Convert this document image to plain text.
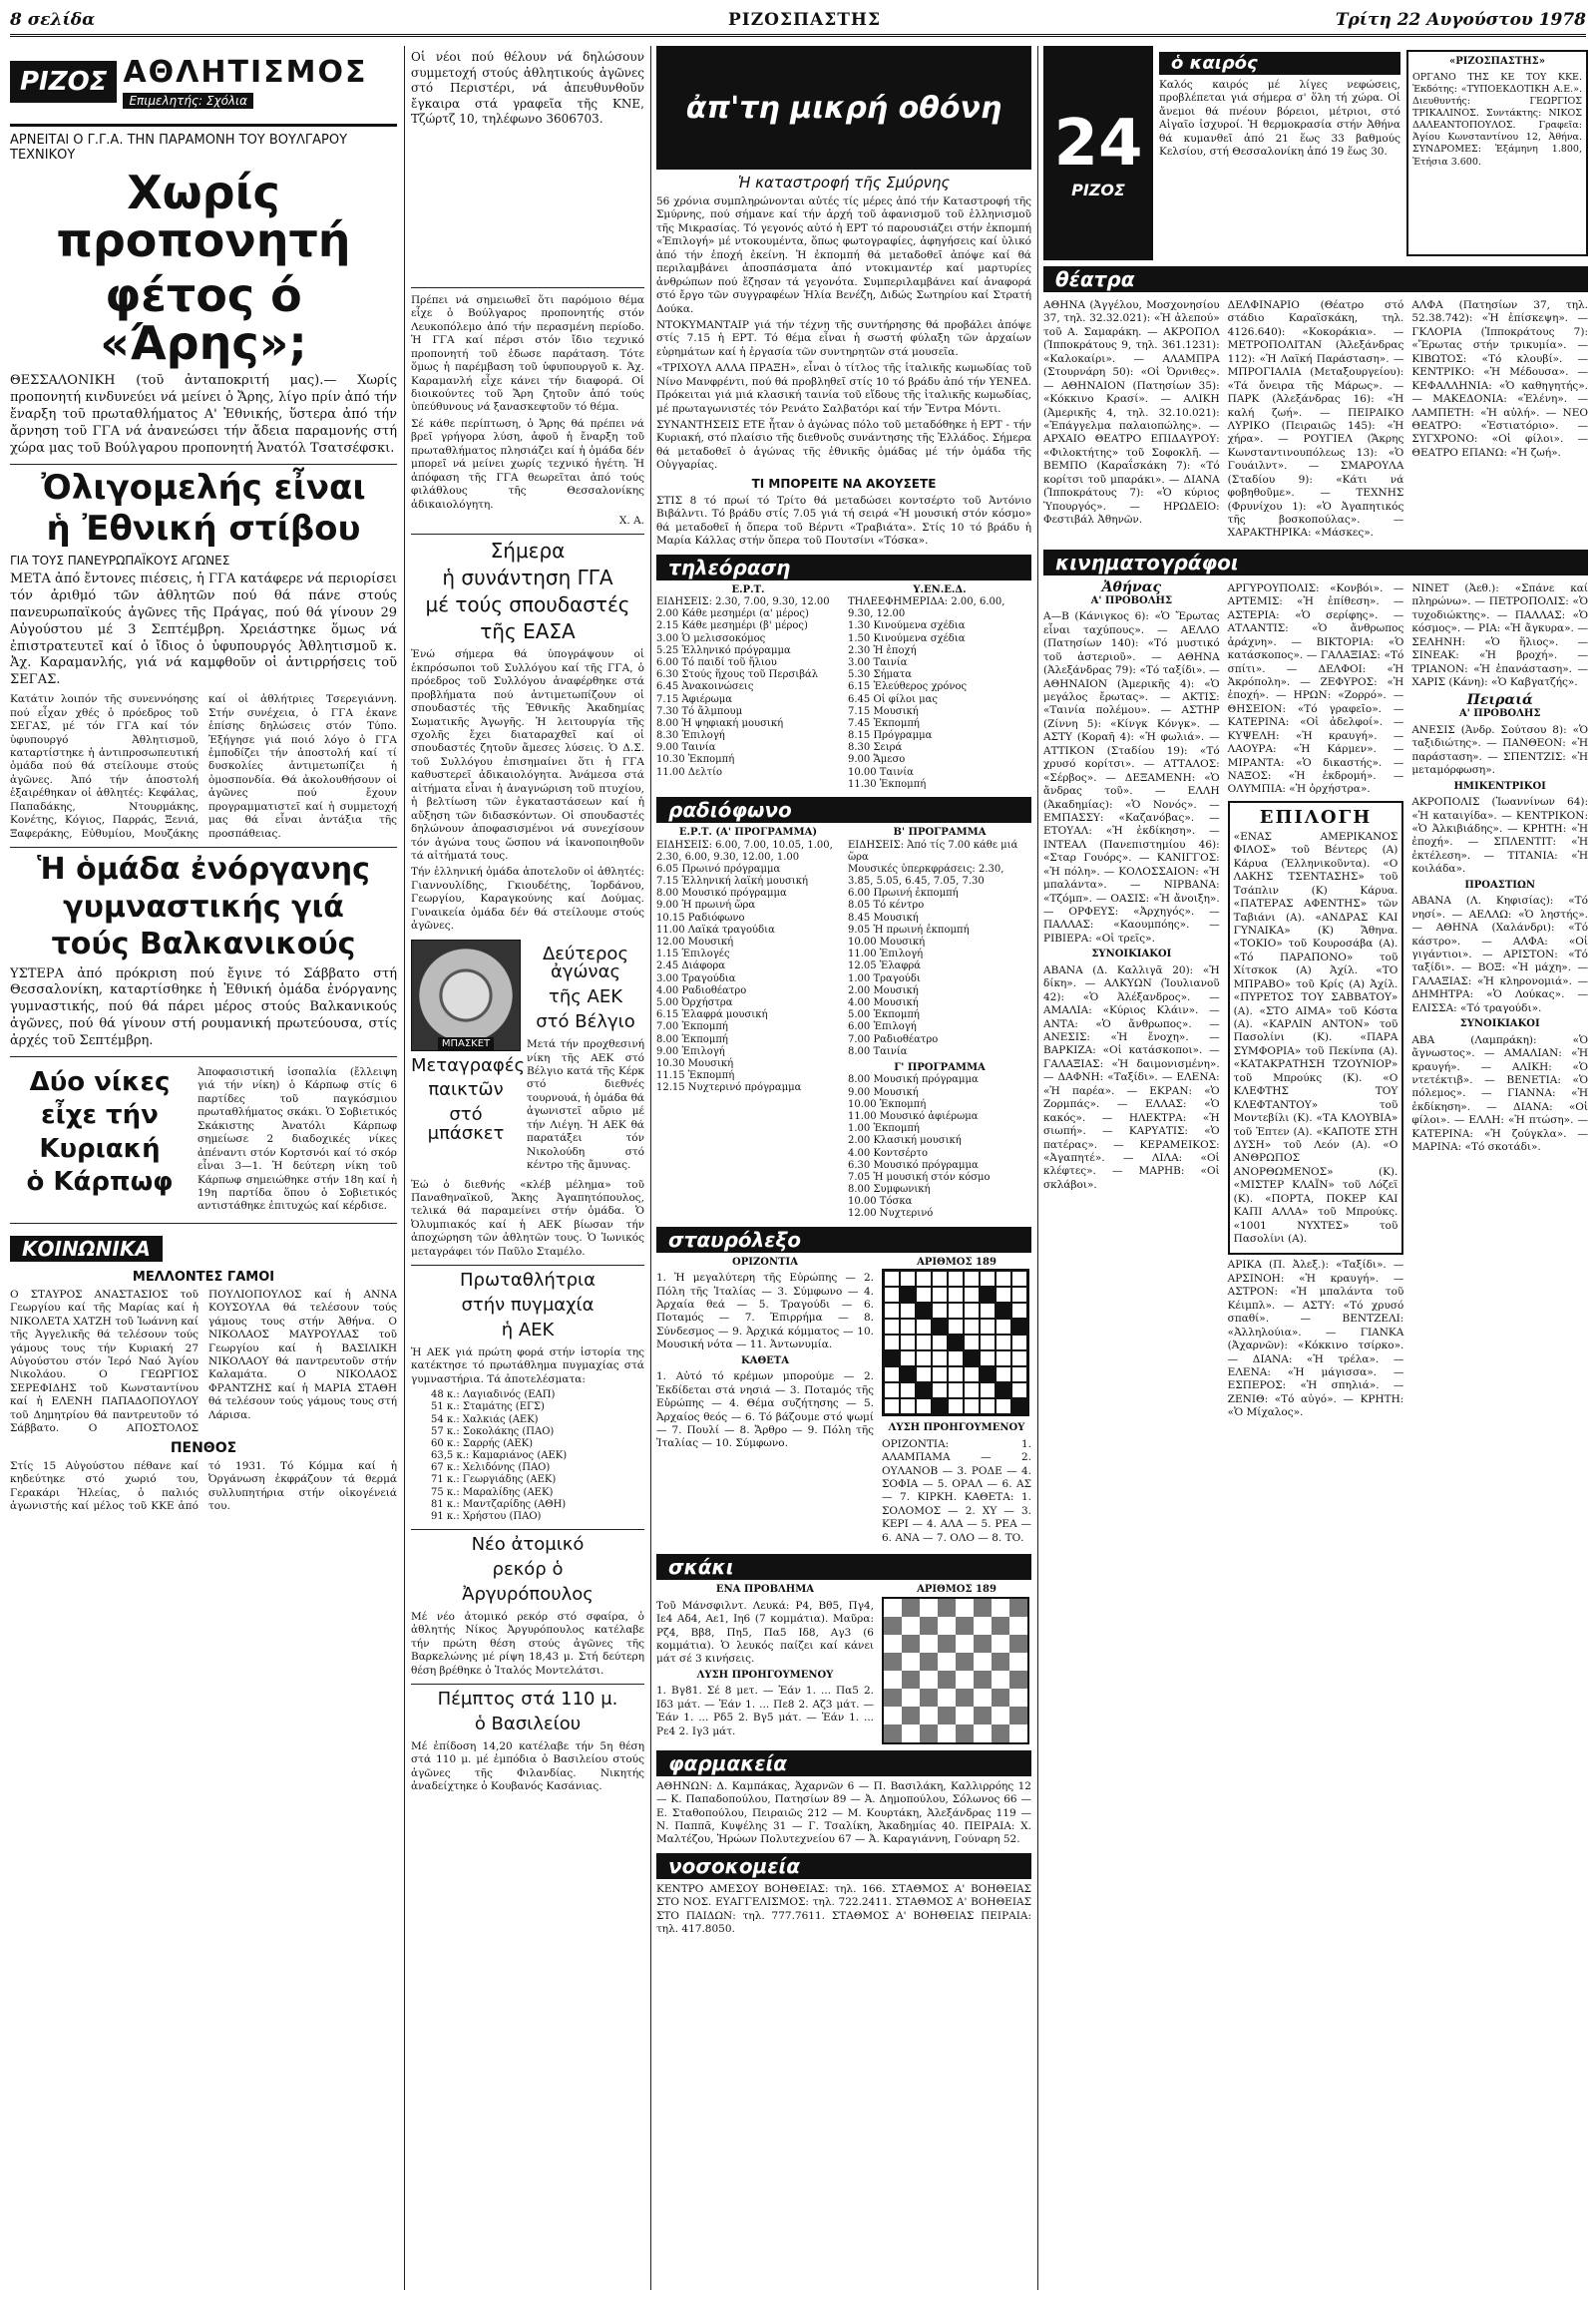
8 σελίδα	ΡΙΖΟΣΠΑΣΤΗΣ	Τρίτη 22 Αυγούστου 1978
ΡΙΖΟΣ ΑΘΛΗΤΙΣΜΟΣ
Επιμελητής: Σχόλια
ΑΡΝΕΙΤΑΙ Ο Γ.Γ.Α. ΤΗΝ ΠΑΡΑΜΟΝΗ ΤΟΥ ΒΟΥΛΓΑΡΟΥ ΤΕΧΝΙΚΟΥ
Χωρίς προπονητή
φέτος ό «Άρης»;
ΘΕΣΣΑΛΟΝΙΚΗ (τοῦ ἀνταποκριτή μας).— Χωρίς προπονητή κινδυνεύει νά μείνει ὁ Ἄρης, λίγο πρίν ἀπό τήν ἔναρξη τοῦ πρωταθλήματος Α' Ἐθνικής, ὕστερα ἀπό τήν ἄρνηση τοῦ ΓΓΑ νά ἀνανεώσει τήν ἄδεια παραμονής στή χώρα μας τοῦ Βούλγαρου προπονητή Ἀνατόλ Τσατσέφσκι.
Ὀλιγομελής εἶναι
ἡ Ἐθνική στίβου
ΓΙΑ ΤΟΥΣ ΠΑΝΕΥΡΩΠΑΪΚΟΥΣ ΑΓΩΝΕΣ
ΜΕΤΑ ἀπό ἔντονες πιέσεις, ἡ ΓΓΑ κατάφερε νά περιορίσει τόν ἀριθμό τῶν ἀθλητῶν πού θά πάνε στούς πανευρωπαϊκούς ἀγῶνες τῆς Πράγας, πού θά γίνουν 29 Αὐγούστου μέ 3 Σεπτέμβρη. Χρειάστηκε ὅμως νά ἐπιστρατευτεῖ καί ὁ ἴδιος ὁ ὑφυπουργός Ἀθλητισμοῦ κ. Ἀχ. Καραμανλής, γιά νά καμφθοῦν οἱ ἀντιρρήσεις τοῦ ΣΕΓΑΣ.
Κατάτιν λοιπόν τῆς συνεννόησης πού εἶχαν χθές ὁ πρόεδρος τοῦ ΣΕΓΑΣ, μέ τόν ΓΓΑ καί τόν ὑφυπουργό Ἀθλητισμοῦ, καταρτίστηκε ἡ ἀντιπροσωπευτική ὁμάδα πού θά στείλουμε στούς ἀγῶνες. Ἀπό τήν ἀποστολή ἐξαιρέθηκαν οἱ ἀθλητές: Κεφάλας, Παπαδάκης, Ντουρμάκης, Κονέτης, Κόγιος, Παρράς, Ξενιά, Ξαφεράκης, Εὐθυμίου, Μουζάκης καί οἱ ἀθλήτριες Τσερεγιάννη. Στήν συνέχεια, ὁ ΓΓΑ ἐκανε ἐπίσης δηλώσεις στόν Τύπο. Ἐξήγησε γιά ποιό λόγο ὁ ΓΓΑ ἐμποδίζει τήν ἀποστολή καί τί δυσκολίες ἀντιμετωπίζει ἡ ὁμοσπονδία. Θά ἀκολουθήσουν οἱ ἀγῶνες πού ἔχουν προγραμματιστεῖ καί ἡ συμμετοχή μας θά εἶναι ἀντάξια τῆς προσπάθειας.
Ἡ ὁμάδα ἐνόργανης
γυμναστικής γιά
τούς Βαλκανικούς
ΥΣΤΕΡΑ ἀπό πρόκριση πού ἔγινε τό Σάββατο στή Θεσσαλονίκη, καταρτίσθηκε ἡ Ἐθνική ὁμάδα ἐνόργανης γυμναστικής, πού θά πάρει μέρος στούς Βαλκανικούς ἀγῶνες, πού θά γίνουν στή ρουμανική πρωτεύουσα, στίς ἀρχές τοῦ Σεπτέμβρη.
Δύο νίκες
εἶχε τήν
Κυριακή
ὁ Κάρπωφ
Ἀποφασιστική ἰσοπαλία (ἔλλειψη γιά τήν νίκη) ὁ Κάρπωφ στίς 6 παρτίδες τοῦ παγκόσμιου πρωταθλήματος σκάκι. Ὁ Σοβιετικός Σκάκιστης Ἀνατόλι Κάρπωφ σημείωσε 2 διαδοχικές νίκες ἀπέναντι στόν Κορτσνόι καί τό σκόρ εἶναι 3—1. Ἡ δεύτερη νίκη τοῦ Κάρπωφ σημειώθηκε στήν 18η καί ἡ 19η παρτίδα ὅπου ὁ Σοβιετικός αντιστάθηκε ἐπιτυχώς καί κέρδισε.
ΚΟΙΝΩΝΙΚΑ
ΜΕΛΛΟΝΤΕΣ ΓΑΜΟΙ
Ο ΣΤΑΥΡΟΣ ΑΝΑΣΤΑΣΙΟΣ τοῦ Γεωργίου καί τῆς Μαρίας καί ἡ ΝΙΚΟΛΕΤΑ ΧΑΤΖΗ τοῦ Ἰωάννη καί τῆς Ἀγγελικῆς θά τελέσουν τούς γάμους τους τήν Κυριακή 27 Αὐγούστου στόν Ἱερό Ναό Ἁγίου Νικολάου. Ο ΓΕΩΡΓΙΟΣ ΣΕΡΕΦΙΔΗΣ τοῦ Κωνσταντίνου καί ἡ ΕΛΕΝΗ ΠΑΠΑΔΟΠΟΥΛΟΥ τοῦ Δημητρίου θά παντρευτοῦν τό Σάββατο. Ο ΑΠΟΣΤΟΛΟΣ ΠΟΥΛΙΟΠΟΥΛΟΣ καί ἡ ΑΝΝΑ ΚΟΥΣΟΥΛΑ θά τελέσουν τούς γάμους τους στήν Ἀθήνα. Ο ΝΙΚΟΛΑΟΣ ΜΑΥΡΟΥΛΑΣ τοῦ Γεωργίου καί ἡ ΒΑΣΙΛΙΚΗ ΝΙΚΟΛΑΟΥ θά παντρευτοῦν στήν Καλαμάτα. Ο ΝΙΚΟΛΑΟΣ ΦΡΑΝΤΖΗΣ καί ἡ ΜΑΡΙΑ ΣΤΑΘΗ θά τελέσουν τούς γάμους τους στή Λάρισα.
ΠΕΝΘΟΣ
Στίς 15 Αὐγούστου πέθανε καί κηδεύτηκε στό χωριό του, Γερακάρι Ἠλείας, ὁ παλιός ἀγωνιστής καί μέλος τοῦ ΚΚΕ ἀπό τό 1931. Τό Κόμμα καί ἡ Ὀργάνωση ἐκφράζουν τά θερμά συλλυπητήρια στήν οἰκογένειά του.
Οἱ νέοι πού θέλουν νά δηλώσουν συμμετοχή στούς ἀθλητικούς ἀγῶνες στό Περιστέρι, νά ἀπευθυνθοῦν ἔγκαιρα στά γραφεῖα τῆς ΚΝΕ, Τζώρτζ 10, τηλέφωνο 3606703.
Πρέπει νά σημειωθεῖ ὅτι παρόμοιο θέμα εἶχε ὁ Βούλγαρος προπονητής στόν Λευκοπόλεμο ἀπό τήν περασμένη περίοδο. Ἡ ΓΓΑ καί πέρσι στόν ἴδιο τεχνικό προπονητή τοῦ ἐδωσε παράταση. Τότε ὅμως ἡ παρέμβαση τοῦ ὑφυπουργοῦ κ. Ἀχ. Καραμανλή εἶχε κάνει τήν διαφορά. Οἱ διοικούντες τοῦ Ἄρη ζητοῦν ἀπό τούς ὑπεύθυνους νά ξανασκεφτοῦν τό θέμα.
Σέ κάθε περίπτωση, ὁ Ἄρης θά πρέπει νά βρεῖ γρήγορα λύση, ἀφοῦ ἡ ἔναρξη τοῦ πρωταθλήματος πλησιάζει καί ἡ ὁμάδα δέν μπορεῖ νά μείνει χωρίς τεχνικό ἡγέτη. Ἡ ἀπόφαση τῆς ΓΓΑ θεωρεῖται ἀπό τούς φιλάθλους τῆς Θεσσαλονίκης ἀδικαιολόγητη.
Χ. Α.
Σήμερα
ἡ συνάντηση ΓΓΑ
μέ τούς σπουδαστές
τῆς ΕΑΣΑ
Ἐνώ σήμερα θά ὑπογράψουν οἱ ἐκπρόσωποι τοῦ Συλλόγου καί τῆς ΓΓΑ, ὁ πρόεδρος τοῦ Συλλόγου ἀναφέρθηκε στά προβλήματα πού ἀντιμετωπίζουν οἱ σπουδαστές τῆς Ἐθνικῆς Ἀκαδημίας Σωματικῆς Ἀγωγῆς. Ἡ λειτουργία τῆς σχολῆς ἔχει διαταραχθεῖ καί οἱ σπουδαστές ζητοῦν ἄμεσες λύσεις. Ὁ Δ.Σ. τοῦ Συλλόγου ἐπισημαίνει ὅτι ἡ ΓΓΑ καθυστερεῖ ἀδικαιολόγητα. Ἀνάμεσα στά αἰτήματα εἶναι ἡ ἀναγνώριση τοῦ πτυχίου, ἡ βελτίωση τῶν ἐγκαταστάσεων καί ἡ αὔξηση τῶν διδασκόντων. Οἱ σπουδαστές δηλώνουν ἀποφασισμένοι νά συνεχίσουν τόν ἀγώνα τους ὥσπου νά ἱκανοποιηθοῦν τά αἰτήματά τους.
Τήν ἑλληνική ὁμάδα ἀποτελοῦν οἱ ἀθλητές: Γιαννουλίδης, Γκιουδέτης, Ἰορδάνου, Γεωργίου, Καραγκούνης καί Δούμας. Γυναικεία ὁμάδα δέν θά στείλουμε στούς ἀγῶνες.
ΜΠΑΣΚΕΤ
Μεταγραφές
παικτῶν
στό μπάσκετ
Δεύτερος ἀγώνας
τῆς ΑΕΚ
στό Βέλγιο
Μετά τήν προχθεσινή νίκη τῆς ΑΕΚ στό Βέλγιο κατά τῆς Κέρκ στό διεθνές τουρνουά, ἡ ὁμάδα θά ἀγωνιστεῖ αὔριο μέ τήν Λιέγη. Ἡ ΑΕΚ θά παρατάξει τόν Νικολούδη στό κέντρο τῆς ἄμυνας.
Ἐώ ὁ διεθνής «κλέβ μέλημα» τοῦ Παναθηναϊκοῦ, Ἄκης Ἀγαπητόπουλος, τελικά θά παραμείνει στήν ὁμάδα. Ὁ Ὀλυμπιακός καί ἡ ΑΕΚ βίωσαν τήν ἀποχώρηση τῶν ἀθλητῶν τους. Ὁ Ἰωνικός μεταγράφει τόν Παῦλο Σταμέλο.
Πρωταθλήτρια
στήν πυγμαχία
ἡ ΑΕΚ
Ἡ ΑΕΚ γιά πρώτη φορά στήν ἱστορία της κατέκτησε τό πρωτάθλημα πυγμαχίας στά γυμναστήρια. Τά ἀποτελέσματα:
48 κ.: Λαγιαδινός (ΕΑΠ)
51 κ.: Σταμάτης (ΕΓΣ)
54 κ.: Χαλκιάς (ΑΕΚ)
57 κ.: Σοκολάκης (ΠΑΟ)
60 κ.: Σαρρής (ΑΕΚ)
63,5 κ.: Καμαριάνος (ΑΕΚ)
67 κ.: Χελιδόνης (ΠΑΟ)
71 κ.: Γεωργιάδης (ΑΕΚ)
75 κ.: Μαραλίδης (ΑΕΚ)
81 κ.: Μαντζαρίδης (ΑΘΗ)
91 κ.: Χρήστου (ΠΑΟ)
Νέο ἀτομικό
ρεκόρ ὁ
Ἀργυρόπουλος
Μέ νέο ἀτομικό ρεκόρ στό σφαίρα, ὁ ἀθλητής Νίκος Ἀργυρόπουλος κατέλαβε τήν πρώτη θέση στούς ἀγῶνες τῆς Βαρκελώνης μέ ρίψη 18,43 μ. Στή δεύτερη θέση βρέθηκε ὁ Ἰταλός Μοντελάτσι.
Πέμπτος στά 110 μ.
ὁ Βασιλείου
Μέ ἐπίδοση 14,20 κατέλαβε τήν 5η θέση στά 110 μ. μέ ἐμπόδια ὁ Βασιλείου στούς ἀγῶνες τῆς Φιλανδίας. Νικητής ἀναδείχτηκε ὁ Κουβανός Κασάνιας.
ἀπ'τη μικρή οθόνη
Ἡ καταστροφή τῆς Σμύρνης
56 χρόνια συμπληρώνονται αὐτές τίς μέρες ἀπό τήν Καταστροφή τῆς Σμύρνης, πού σήμανε καί τήν ἀρχή τοῦ ἀφανισμοῦ τοῦ ἑλληνισμοῦ τῆς Μικρασίας. Τό γεγονός αὐτό ἡ ΕΡΤ τό παρουσιάζει στήν ἐκπομπή «Ἐπιλογή» μέ ντοκουμέντα, ὅπως φωτογραφίες, ἀφηγήσεις καί ὑλικό ἀπό τήν ἐποχή ἐκείνη. Ἡ ἐκπομπή θά μεταδοθεῖ ἀπόψε καί θά περιλαμβάνει ἀποσπάσματα ἀπό ντοκιμαντέρ καί μαρτυρίες ἀνθρώπων πού ἔζησαν τά γεγονότα. Συμπεριλαμβάνει καί ἀναφορά στό ἔργο τῶν συγγραφέων Ἡλία Βενέζη, Διδώς Σωτηρίου καί Στρατή Δούκα.
ΝΤΟΚΥΜΑΝΤΑΙΡ γιά τήν τέχνη τῆς συντήρησης θά προβάλει ἀπόψε στίς 7.15 ἡ ΕΡΤ. Τό θέμα εἶναι ἡ σωστή φύλαξη τῶν ἀρχαίων εὑρημάτων καί ἡ ἐργασία τῶν συντηρητῶν στά μουσεῖα.
«ΤΡΙΧΟΥΛ ΑΛΛΑ ΠΡΑΞΗ», εἶναι ὁ τίτλος τῆς ἰταλικῆς κωμωδίας τοῦ Νίνο Μανφρέντι, πού θά προβληθεῖ στίς 10 τό βράδυ ἀπό τήν ΥΕΝΕΔ. Πρόκειται γιά μιά κλασική ταινία τοῦ εἴδους τῆς ἰταλικῆς κωμωδίας, μέ πρωταγωνιστές τόν Ρενάτο Σαλβατόρι καί τήν Ἔντρα Μόντι.
ΣΥΝΑΝΤΗΣΕΙΣ ΕΤΕ ἦταν ὁ ἀγώνας πόλο τοῦ μεταδόθηκε ἡ ΕΡΤ - τήν Κυριακή, στό πλαίσιο τῆς διεθνοῦς συνάντησης τῆς Ἑλλάδος. Σήμερα θά μεταδοθεῖ ὁ ἀγώνας τῆς ἐθνικῆς ὁμάδας μέ τήν ὁμάδα τῆς Οὑγγαρίας.
ΤΙ ΜΠΟΡΕΙΤΕ ΝΑ ΑΚΟΥΣΕΤΕ
ΣΤΙΣ 8 τό πρωί τό Τρίτο θά μεταδώσει κοντσέρτο τοῦ Ἀντόνιο Βιβάλντι. Τό βράδυ στίς 7.05 γιά τή σειρά «Ἡ μουσική στόν κόσμο» θά μεταδοθεῖ ἡ ὄπερα τοῦ Βέρντι «Τραβιάτα». Στίς 10 τό βράδυ ἡ Μαρία Κάλλας στήν ὄπερα τοῦ Πουτσίνι «Τόσκα».
τηλεόραση
Ε.Ρ.Τ.
ΕΙΔΗΣΕΙΣ: 2.30, 7.00, 9.30, 12.00
2.00 Κάθε μεσημέρι (α' μέρος)
2.15 Κάθε μεσημέρι (β' μέρος)
3.00 Ὁ μελισσοκόμος
5.25 Ἑλληνικό πρόγραμμα
6.00 Τό παιδί τοῦ ἤλιου
6.30 Στούς ἥχους τοῦ Περσιβάλ
6.45 Ἀνακοινώσεις
7.15 Ἀφιέρωμα
7.30 Τό ἄλμπουμ
8.00 Ἡ ψηφιακή μουσική
8.30 Ἐπιλογή
9.00 Ταινία
10.30 Ἐκπομπή
11.00 Δελτίο
Υ.ΕΝ.Ε.Δ.
ΤΗΛΕΕΦΗΜΕΡΙΔΑ: 2.00, 6.00, 9.30, 12.00
1.30 Κινούμενα σχέδια
1.50 Κινούμενα σχέδια
2.30 Ἡ ἐποχή
3.00 Ταινία
5.30 Σήματα
6.15 Ἐλεύθερος χρόνος
6.45 Οἱ φίλοι μας
7.15 Μουσική
7.45 Ἐκπομπή
8.15 Πρόγραμμα
8.30 Σειρά
9.00 Ἄμεσο
10.00 Ταινία
11.30 Ἐκπομπή
ραδιόφωνο
Ε.Ρ.Τ. (Α' ΠΡΟΓΡΑΜΜΑ)
ΕΙΔΗΣΕΙΣ: 6.00, 7.00, 10.05, 1.00, 2.30, 6.00, 9.30, 12.00, 1.00
6.05 Πρωινό πρόγραμμα
7.15 Ἑλληνική λαϊκή μουσική
8.00 Μουσικό πρόγραμμα
9.00 Ἡ πρωινή ὥρα
10.15 Ραδιόφωνο
11.00 Λαϊκά τραγούδια
12.00 Μουσική
1.15 Ἐπιλογές
2.45 Διάφορα
3.00 Τραγούδια
4.00 Ραδιοθέατρο
5.00 Ὀρχήστρα
6.15 Ἐλαφρά μουσική
7.00 Ἐκπομπή
8.00 Ἐκπομπή
9.00 Ἐπιλογή
10.30 Μουσική
11.15 Ἐκπομπή
12.15 Νυχτερινό πρόγραμμα
Β' ΠΡΟΓΡΑΜΜΑ
ΕΙΔΗΣΕΙΣ: Ἀπό τίς 7.00 κάθε μιά ὥρα
Μουσικές ὑπερκφράσεις: 2.30, 3.85, 5.05, 6.45, 7.05, 7.30
6.00 Πρωινή ἐκπομπή
8.05 Τό κέντρο
8.45 Μουσική
9.05 Ἡ πρωινή ἐκπομπή
10.00 Μουσική
11.00 Ἐπιλογή
12.05 Ἐλαφρά
1.00 Τραγούδι
2.00 Μουσική
4.00 Μουσική
5.00 Ἐκπομπή
6.00 Ἐπιλογή
7.00 Ραδιοθέατρο
8.00 Ταινία
Γ' ΠΡΟΓΡΑΜΜΑ
8.00 Μουσική πρόγραμμα
9.00 Μουσική
10.00 Ἐκπομπή
11.00 Μουσικό ἀφιέρωμα
1.00 Ἐκπομπή
2.00 Κλασική μουσική
4.00 Κοντσέρτο
6.30 Μουσικό πρόγραμμα
7.05 Ἡ μουσική στόν κόσμο
8.00 Συμφωνική
10.00 Τόσκα
12.00 Νυχτερινό
σταυρόλεξο
ΟΡΙΖΟΝΤΙΑ
1. Ἡ μεγαλύτερη τῆς Εὐρώπης — 2. Πόλη τῆς Ἰταλίας — 3. Σύμφωνο — 4. Ἀρχαία θεά — 5. Τραγούδι — 6. Ποταμός — 7. Ἐπιρρήμα — 8. Σύνδεσμος — 9. Ἀρχικά κόμματος — 10. Μουσική νότα — 11. Ἀντωνυμία.
ΚΑΘΕΤΑ
1. Αὐτό τό κρέμων μπορούμε — 2. Ἐκδίδεται στά νησιά — 3. Ποταμός τῆς Εὐρώπης — 4. Θέμα συζήτησης — 5. Ἀρχαίος θεός — 6. Τό βάζουμε στό ψωμί — 7. Πουλί — 8. Ἄρθρο — 9. Πόλη τῆς Ἰταλίας — 10. Σύμφωνο.
ΑΡΙΘΜΟΣ 189
ΛΥΣΗ ΠΡΟΗΓΟΥΜΕΝΟΥ
ΟΡΙΖΟΝΤΙΑ: 1. ΑΛΑΜΠΑΜΑ — 2. ΟΥΛΑΝΟΒ — 3. ΡΟΔΕ — 4. ΣΟΦΙΑ — 5. ΟΡΑΛ — 6. ΑΣ — 7. ΚΙΡΚΗ. ΚΑΘΕΤΑ: 1. ΣΟΛΟΜΟΣ — 2. ΧΥ — 3. ΚΕΡΙ — 4. ΑΛΑ — 5. ΡΕΑ — 6. ΑΝΑ — 7. ΟΛΟ — 8. ΤΟ.
σκάκι
ΕΝΑ ΠΡΟΒΛΗΜΑ
Τοῦ Μάνσφιλντ. Λευκά: Ρ4, Βθ5, Πγ4, Ιε4 Αδ4, Αε1, Ιη6 (7 κομμάτια). Μαῦρα: Ρζ4, Ββ8, Πη5, Πα5 Ιδ8, Αγ3 (6 κομμάτια). Ὁ λευκός παίζει καί κάνει μάτ σέ 3 κινήσεις.
ΛΥΣΗ ΠΡΟΗΓΟΥΜΕΝΟΥ
1. Βγ81. Σέ 8 μετ. — Ἐάν 1. ... Πα5 2. Ιδ3 μάτ. — Ἐάν 1. ... Πε8 2. Αζ3 μάτ. — Ἐάν 1. ... Ρδ5 2. Βγ5 μάτ. — Ἐάν 1. ... Ρε4 2. Ιγ3 μάτ.
ΑΡΙΘΜΟΣ 189
φαρμακεία
ΑΘΗΝΩΝ: Δ. Καμπάκας, Ἀχαρνῶν 6 — Π. Βασιλάκη, Καλλιρρόης 12 — Κ. Παπαδοπούλου, Πατησίων 89 — Ἀ. Δημοπούλου, Σόλωνος 66 — Ε. Σταθοπούλου, Πειραιῶς 212 — Μ. Κουρτάκη, Ἀλεξάνδρας 119 — Ν. Παππᾶ, Κυψέλης 31 — Γ. Τσαλίκη, Ἀκαδημίας 40. ΠΕΙΡΑΙΑ: Χ. Μαλτέζου, Ἡρώων Πολυτεχνείου 67 — Ἀ. Καραγιάννη, Γούναρη 52.
νοσοκομεία
ΚΕΝΤΡΟ ΑΜΕΣΟΥ ΒΟΗΘΕΙΑΣ: τηλ. 166. ΣΤΑΘΜΟΣ Α' ΒΟΗΘΕΙΑΣ ΣΤΟ ΝΟΣ. ΕΥΑΓΓΕΛΙΣΜΟΣ: τηλ. 722.2411. ΣΤΑΘΜΟΣ Α' ΒΟΗΘΕΙΑΣ ΣΤΟ ΠΑΙΔΩΝ: τηλ. 777.7611. ΣΤΑΘΜΟΣ Α' ΒΟΗΘΕΙΑΣ ΠΕΙΡΑΙΑ: τηλ. 417.8050.
24
ΡΙΖΟΣ
ὁ καιρός
Καλός καιρός μέ λίγες νεφώσεις, προβλέπεται γιά σήμερα σ' ὅλη τή χώρα. Οἱ ἄνεμοι θά πνέουν βόρειοι, μέτριοι, στό Αἰγαῖο ἰσχυροί. Ἡ θερμοκρασία στήν Ἀθήνα θά κυμανθεῖ ἀπό 21 ἕως 33 βαθμούς Κελσίου, στή Θεσσαλονίκη ἀπό 19 ἕως 30.
«ΡΙΖΟΣΠΑΣΤΗΣ»
ΟΡΓΑΝΟ ΤΗΣ ΚΕ ΤΟΥ ΚΚΕ. Ἐκδότης: «ΤΥΠΟΕΚΔΟΤΙΚΗ Α.Ε.». Διευθυντής: ΓΕΩΡΓΙΟΣ ΤΡΙΚΑΛΙΝΟΣ. Συντάκτης: ΝΙΚΟΣ ΔΑΛΕΑΝΤΟΠΟΥΛΟΣ. Γραφεῖα: Ἀγίου Κωνσταντίνου 12, Ἀθήνα. ΣΥΝΔΡΟΜΕΣ: Ἑξάμηνη 1.800, Ἐτήσια 3.600.
θέατρα
ΑΘΗΝΑ (Ἀγγέλου, Μοσχονησίου 37, τηλ. 32.32.021): «Ἡ ἀλεπού» τοῦ Α. Σαμαράκη. — ΑΚΡΟΠΟΛ (Ἰπποκράτους 9, τηλ. 361.1231): «Καλοκαίρι». — ΑΛΑΜΠΡΑ (Στουρνάρη 50): «Οἱ Ὀρνιθες». — ΑΘΗΝΑΙΟΝ (Πατησίων 35): «Κόκκινο Κρασί». — ΑΛΙΚΗ (Ἀμερικῆς 4, τηλ. 32.10.021): «Ἐπάγγελμα παλαιοπώλης». — ΑΡΧΑΙΟ ΘΕΑΤΡΟ ΕΠΙΔΑΥΡΟΥ: «Φιλοκτήτης» τοῦ Σοφοκλῆ. — ΒΕΜΠΟ (Καραΐσκάκη 7): «Τό κορίτσι τοῦ μπαράκι». — ΔΙΑΝΑ (Ἱπποκράτους 7): «Ὁ κύριος Ὑπουργός». — ΗΡΩΔΕΙΟ: Φεστιβάλ Ἀθηνῶν.
ΔΕΛΦΙΝΑΡΙΟ (Θέατρο στό στάδιο Καραϊσκάκη, τηλ. 4126.640): «Κοκοράκια». — ΜΕΤΡΟΠΟΛΙΤΑΝ (Ἀλεξάνδρας 112): «Ἡ Λαϊκή Παράσταση». — ΜΠΡΟΓΙΑΛΙΑ (Μεταξουργείου): «Τά ὄνειρα τῆς Μάρως». — ΠΑΡΚ (Ἀλεξάνδρας 16): «Ἡ καλή ζωή». — ΠΕΙΡΑΙΚΟ ΛΥΡΙΚΟ (Πειραιῶς 145): «Ἡ χήρα». — ΡΟΥΓΙΕΛ (Ἄκρης Κωνσταντινουπόλεως 13): «Ὁ Γουάιλντ». — ΣΜΑΡΟΥΛΑ (Σταδίου 9): «Κάτι νά φοβηθοῦμε». — ΤΕΧΝΗΣ (Φρυνίχου 1): «Ὁ Ἀγαπητικός τῆς βοσκοπούλας». — ΧΑΡΑΚΤΗΡΙΚΑ: «Μάσκες».
ΑΛΦΑ (Πατησίων 37, τηλ. 52.38.742): «Ἡ ἐπίσκεψη». — ΓΚΛΟΡΙΑ (Ἱπποκράτους 7): «Ἔρωτας στήν τρικυμία». — ΚΙΒΩΤΟΣ: «Τό κλουβί». — ΚΕΝΤΡΙΚΟ: «Ἡ Μέδουσα». — ΚΕΦΑΛΛΗΝΙΑ: «Ὁ καθηγητής». — ΜΑΚΕΔΟΝΙΑ: «Ἑλένη». — ΛΑΜΠΕΤΗ: «Ἡ αὐλή». — ΝΕΟ ΘΕΑΤΡΟ: «Ἑστιατόριο». — ΣΥΓΧΡΟΝΟ: «Οἱ φίλοι». — ΘΕΑΤΡΟ ΕΠΑΝΩ: «Ἡ ζωή».
κινηματογράφοι
Ἀθήνας
Α' ΠΡΟΒΟΛΗΣ
Α—Β (Κάνιγκος 6): «Ὁ Ἔρωτας εἶναι ταχύπους». — ΑΕΛΛΟ (Πατησίων 140): «Τό μυστικό τοῦ ἀστεριοῦ». — ΑΘΗΝΑ (Ἀλεξάνδρας 79): «Τό ταξίδι». — ΑΘΗΝΑΙΟΝ (Ἀμερικῆς 4): «Ὁ μεγάλος ἔρωτας». — ΑΚΤΙΣ: «Ταινία πολέμου». — ΑΣΤΗΡ (Ζίννη 5): «Κίνγκ Κόνγκ». — ΑΣΤΥ (Κοραῆ 4): «Ἡ φωλιά». — ΑΤΤΙΚΟΝ (Σταδίου 19): «Τό χρυσό κορίτσι». — ΑΤΤΑΛΟΣ: «Σέρβος». — ΔΕΞΑΜΕΝΗ: «Ὁ ἄνδρας τοῦ». — ΕΛΛΗ (Ἀκαδημίας): «Ὁ Νονός». — ΕΜΠΑΣΣΥ: «Καζανόβας». — ΕΤΟΥΑΛ: «Ἡ ἐκδίκηση». — ΙΝΤΕΑΛ (Πανεπιστημίου 46): «Σταρ Γουόρς». — ΚΑΝΙΓΓΟΣ: «Ἡ πόλη». — ΚΟΛΟΣΣΑΙΟΝ: «Ἡ μπαλάντα». — ΝΙΡΒΑΝΑ: «Τζόμπ». — ΟΑΣΙΣ: «Ἡ ἄνοιξη». — ΟΡΦΕΥΣ: «Ἀρχηγός». — ΠΑΛΛΑΣ: «Καουμπόης». — ΡΙΒΙΕΡΑ: «Οἱ τρεῖς».
ΣΥΝΟΙΚΙΑΚΟΙ
ΑΒΑΝΑ (Δ. Καλλιγᾶ 20): «Ἡ δίκη». — ΑΛΚΥΩΝ (Ἰουλιανοῦ 42): «Ὁ Ἀλέξανδρος». — ΑΜΑΛΙΑ: «Κύριος Κλάιν». — ΑΝΤΑ: «Ὁ ἄνθρωπος». — ΑΝΕΣΙΣ: «Ἡ ἔνοχη». — ΒΑΡΚΙΖΑ: «Οἱ κατάσκοποι». — ΓΑΛΑΞΙΑΣ: «Ἡ δαιμονισμένη». — ΔΑΦΝΗ: «Ταξίδι». — ΕΛΕΝΑ: «Ἡ παρέα». — ΕΚΡΑΝ: «Ὁ Ζορμπάς». — ΕΛΛΑΣ: «Ὁ κακός». — ΗΛΕΚΤΡΑ: «Ἡ σιωπή». — ΚΑΡΥΑΤΙΣ: «Ὁ πατέρας». — ΚΕΡΑΜΕΙΚΟΣ: «Ἀγαπητέ». — ΛΙΛΑ: «Οἱ κλέφτες». — ΜΑΡΗΒ: «Οἱ σκλάβοι».
ΑΡΓΥΡΟΥΠΟΛΙΣ: «Κονβόι». — ΑΡΤΕΜΙΣ: «Ἡ ἐπίθεση». — ΑΣΤΕΡΙΑ: «Ὁ σερίφης». — ΑΤΛΑΝΤΙΣ: «Ὁ ἄνθρωπος ἀράχνη». — ΒΙΚΤΟΡΙΑ: «Ὁ κατάσκοπος». — ΓΑΛΑΞΙΑΣ: «Τό σπίτι». — ΔΕΛΦΟΙ: «Ἡ Ἀκρόπολη». — ΖΕΦΥΡΟΣ: «Ἡ ἐποχή». — ΗΡΩΝ: «Ζορρό». — ΘΗΣΕΙΟΝ: «Τό γραφεῖο». — ΚΑΤΕΡΙΝΑ: «Οἱ ἀδελφοί». — ΚΥΨΕΛΗ: «Ἡ κραυγή». — ΛΑΟΥΡΑ: «Ἡ Κάρμεν». — ΜΙΡΑΝΤΑ: «Ὁ δικαστής». — ΝΑΞΟΣ: «Ἡ ἐκδρομή». — ΟΛΥΜΠΙΑ: «Ἡ ὀρχήστρα».
ΕΠΙΛΟΓΗ
«ΕΝΑΣ ΑΜΕΡΙΚΑΝΟΣ ΦΙΛΟΣ» τοῦ Βέντερς (Α) Κάρυα (Ἑλληνικοῦντα). «Ο ΛΑΚΗΣ ΤΣΕΝΤΑΣΗΣ» τοῦ Τσάπλιν (Κ) Κάρυα. «ΠΑΤΕΡΑΣ ΑΦΕΝΤΗΣ» τῶν Ταβιάνι (Α). «ΑΝΔΡΑΣ ΚΑΙ ΓΥΝΑΙΚΑ» (Κ) Ἄθηνα. «ΤΟΚΙΟ» τοῦ Κουροσάβα (Α). «Τό ΠΑΡΑΠΟΝΟ» τοῦ Χίτσκοκ (Α) Ἀχίλ. «ΤΟ ΜΠΡΑΒΟ» τοῦ Κρίς (Α) Ἀχίλ. «ΠΥΡΕΤΟΣ ΤΟΥ ΣΑΒΒΑΤΟΥ» (Α). «ΣΤΟ ΑΙΜΑ» τοῦ Κόστα (Α). «ΚΑΡΛΙΝ ΑΝΤΟΝ» τοῦ Πασολίνι (Κ). «ΠΑΡΑ ΣΥΜΦΟΡΙΑ» τοῦ Πεκίνπα (Α). «ΚΑΤΑΚΡΑΤΗΣΗ ΤΖΟΥΝΙΟΡ» τοῦ Μπρούκς (Κ). «Ο ΚΛΕΦΤΗΣ ΤΟΥ ΚΛΕΦΤΑΝΤΟΥ» τοῦ Μοντεβίλι (Κ). «ΤΑ ΚΛΟΥΒΙΑ» τοῦ Ἐπτεν (Α). «ΚΑΠΟΤΕ ΣΤΗ ΔΥΣΗ» τοῦ Λεόν (Α). «Ο ΑΝΘΡΩΠΟΣ ΑΝΟΡΘΩΜΕΝΟΣ» (Κ). «ΜΙΣΤΕΡ ΚΛΑΪΝ» τοῦ Λόζεϊ (Κ). «ΠΟΡΤΑ, ΠΟΚΕΡ ΚΑΙ ΚΑΠΙ ΑΛΛΑ» τοῦ Μπρούκς. «1001 ΝΥΧΤΕΣ» τοῦ Πασολίνι (Α).
ΑΡΙΚΑ (Π. Ἀλεξ.): «Ταξίδι». — ΑΡΣΙΝΟΗ: «Ἡ κραυγή». — ΑΣΤΡΟΝ: «Ἡ μπαλάντα τοῦ Κέιμπλ». — ΑΣΤΥ: «Τό χρυσό σπαθί». — ΒΕΝΤΖΕΛΙ: «Ἀλληλούια». — ΓΙΑΝΚΑ (Ἀχαρνῶν): «Κόκκινο τσίρκο». — ΔΙΑΝΑ: «Ἡ τρέλα». — ΕΛΕΝΑ: «Ἡ μάγισσα». — ΕΣΠΕΡΟΣ: «Ἡ σπηλιά». — ΖΕΝΙΘ: «Τό αὐγό». — ΚΡΗΤΗ: «Ὁ Μίχαλος».
ΝΙΝΕΤ (Ἀεθ.): «Σπάνε καί πληρώνω». — ΠΕΤΡΟΠΟΛΙΣ: «Ὁ τυχοδιώκτης». — ΠΑΛΛΑΣ: «Ὁ κόσμος». — ΡΙΑ: «Ἡ ἄγκυρα». — ΣΕΛΗΝΗ: «Ὁ ἥλιος». — ΣΙΝΕΑΚ: «Ἡ βροχή». — ΤΡΙΑΝΟΝ: «Ἡ ἐπανάσταση». — ΧΑΡΙΣ (Κάνη): «Ὁ Καβγατζής».
Πειραιά
Α' ΠΡΟΒΟΛΗΣ
ΑΝΕΣΙΣ (Ἀνδρ. Σούτσου 8): «Ὁ ταξιδιώτης». — ΠΑΝΘΕΟΝ: «Ἡ παράσταση». — ΣΠΕΝΤΖΙΣ: «Ἡ μεταμόρφωση».
ΗΜΙΚΕΝΤΡΙΚΟΙ
ΑΚΡΟΠΟΛΙΣ (Ἰωαννίνων 64): «Ἡ καταιγίδα». — ΚΕΝΤΡΙΚΟΝ: «Ὁ Ἀλκιβιάδης». — ΚΡΗΤΗ: «Ἡ ἐποχή». — ΣΠΛΕΝΤΙΤ: «Ἡ ἐκτέλεση». — ΤΙΤΑΝΙΑ: «Ἡ κοιλάδα».
ΠΡΟΑΣΤΙΩΝ
ΑΒΑΝΑ (Λ. Κηφισίας): «Τό νησί». — ΑΕΛΛΩ: «Ὁ ληστής». — ΑΘΗΝΑ (Χαλάνδρι): «Τό κάστρο». — ΑΛΦΑ: «Οἱ γιγάντιοι». — ΑΡΙΣΤΟΝ: «Τό ταξίδι». — ΒΟΞ: «Ἡ μάχη». — ΓΑΛΑΞΙΑΣ: «Ἡ κληρονομιά». — ΔΗΜΗΤΡΑ: «Ὁ Λούκας». — ΕΛΙΣΣΑ: «Τό τραγούδι».
ΣΥΝΟΙΚΙΑΚΟΙ
ΑΒΑ (Λαμπράκη): «Ὁ ἄγνωστος». — ΑΜΑΛΙΑΝ: «Ἡ κραυγή». — ΑΛΙΚΗ: «Ὁ ντετέκτιβ». — ΒΕΝΕΤΙΑ: «Ὁ πόλεμος». — ΓΙΑΝΝΑ: «Ἡ ἐκδίκηση». — ΔΙΑΝΑ: «Οἱ φίλοι». — ΕΛΛΗ: «Ἡ πτώση». — ΚΑΤΕΡΙΝΑ: «Ἡ ζούγκλα». — ΜΑΡΙΝΑ: «Τό σκοτάδι».
